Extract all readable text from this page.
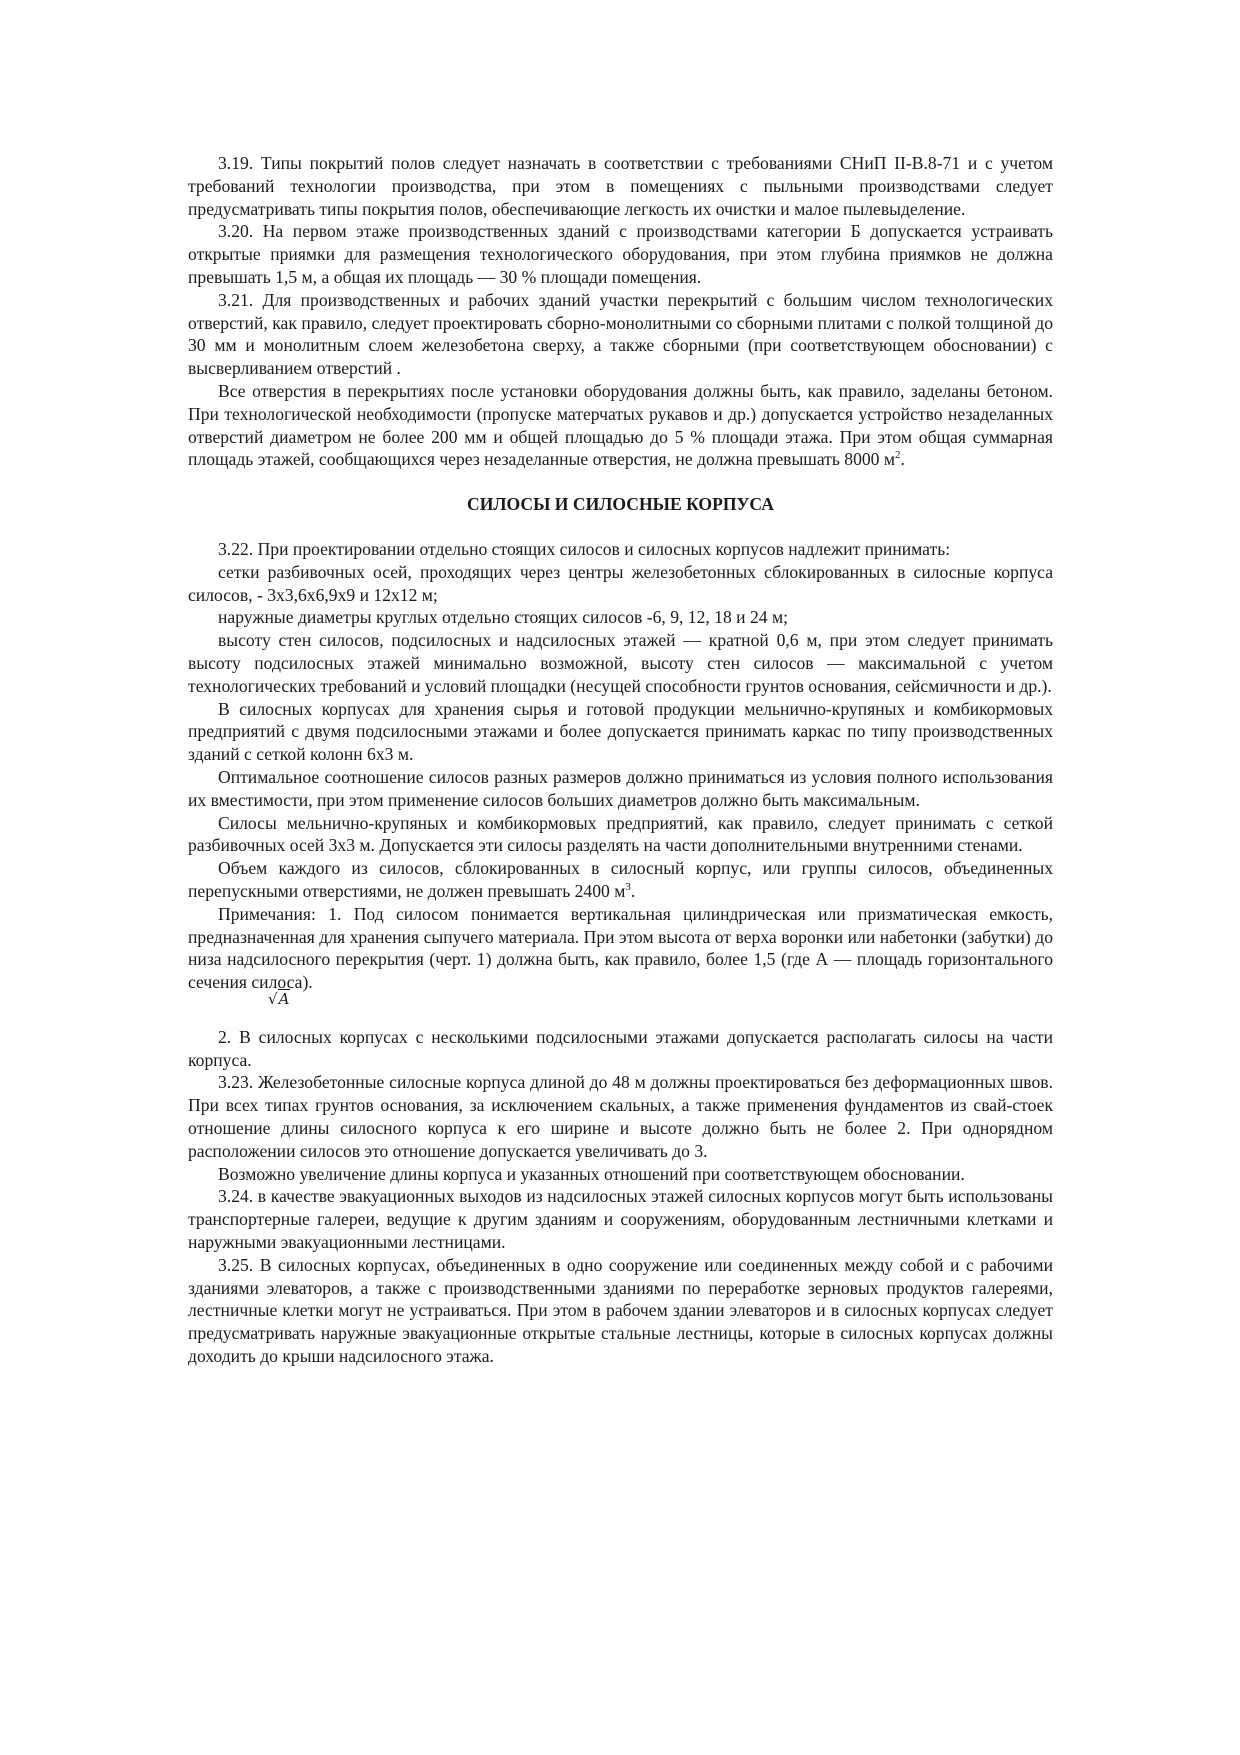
3.19. Типы покрытий полов следует назначать в соответствии с требованиями СНиП II-В.8-71 и с учетом требований технологии производства, при этом в помещениях с пыльными производствами следует предусматривать типы покрытия полов, обеспечивающие легкость их очистки и малое пылевыделение.

3.20. На первом этаже производственных зданий с производствами категории Б допускается устраивать открытые приямки для размещения технологического оборудования, при этом глубина приямков не должна превышать 1,5 м, а общая их площадь — 30 % площади помещения.

3.21. Для производственных и рабочих зданий участки перекрытий с большим числом технологических отверстий, как правило, следует проектировать сборно-монолитными со сборными плитами с полкой толщиной до 30 мм и монолитным слоем железобетона сверху, а также сборными (при соответствующем обосновании) с высверливанием отверстий .

Все отверстия в перекрытиях после установки оборудования должны быть, как правило, заделаны бетоном. При технологической необходимости (пропуске матерчатых рукавов и др.) допускается устройство незаделанных отверстий диаметром не более 200 мм и общей площадью до 5 % площади этажа. При этом общая суммарная площадь этажей, сообщающихся через незаделанные отверстия, не должна превышать 8000 $м^2$.

СИЛОСЫ И СИЛОСНЫЕ КОРПУСА

3.22. При проектировании отдельно стоящих силосов и силосных корпусов надлежит принимать:

сетки разбивочных осей, проходящих через центры железобетонных сблокированных в силосные корпуса силосов, - 3х3,6х6,9х9 и 12х12 м;

наружные диаметры круглых отдельно стоящих силосов -6, 9, 12, 18 и 24 м;

высоту стен силосов, подсилосных и надсилосных этажей — кратной 0,6 м, при этом следует принимать высоту подсилосных этажей минимально возможной, высоту стен силосов — максимальной с учетом технологических требований и условий площадки (несущей способности грунтов основания, сейсмичности и др.).

В силосных корпусах для хранения сырья и готовой продукции мельнично-крупяных и комбикормовых предприятий с двумя подсилосными этажами и более допускается принимать каркас по типу производственных зданий с сеткой колонн 6х3 м.

Оптимальное соотношение силосов разных размеров должно приниматься из условия полного использования их вместимости, при этом применение силосов больших диаметров должно быть максимальным.

Силосы мельнично-крупяных и комбикормовых предприятий, как правило, следует принимать с сеткой разбивочных осей 3х3 м. Допускается эти силосы разделять на части дополнительными внутренними стенами.

Объем каждого из силосов, сблокированных в силосный корпус, или группы силосов, объединенных перепускными отверстиями, не должен превышать 2400 $м^3$.

Примечания: 1. Под силосом понимается вертикальная цилиндрическая или призматическая емкость, предназначенная для хранения сыпучего материала. При этом высота от верха воронки или набетонки (забутки) до низа надсилосного перекрытия (черт. 1) должна быть, как правило, более 1,5 (где А — площадь горизонтального сечения силоса).

√A

2. В силосных корпусах с несколькими подсилосными этажами допускается располагать силосы на части корпуса.

3.23. Железобетонные силосные корпуса длиной до 48 м должны проектироваться без деформационных швов. При всех типах грунтов основания, за исключением скальных, а также применения фундаментов из свай-стоек отношение длины силосного корпуса к его ширине и высоте должно быть не более 2. При однорядном расположении силосов это отношение допускается увеличивать до 3.

Возможно увеличение длины корпуса и указанных отношений при соответствующем обосновании.

3.24. в качестве эвакуационных выходов из надсилосных этажей силосных корпусов могут быть использованы транспортерные галереи, ведущие к другим зданиям и сооружениям, оборудованным лестничными клетками и наружными эвакуационными лестницами.

3.25. В силосных корпусах, объединенных в одно сооружение или соединенных между собой и с рабочими зданиями элеваторов, а также с производственными зданиями по переработке зерновых продуктов галереями, лестничные клетки могут не устраиваться. При этом в рабочем здании элеваторов и в силосных корпусах следует предусматривать наружные эвакуационные открытые стальные лестницы, которые в силосных корпусах должны доходить до крыши надсилосного этажа.
